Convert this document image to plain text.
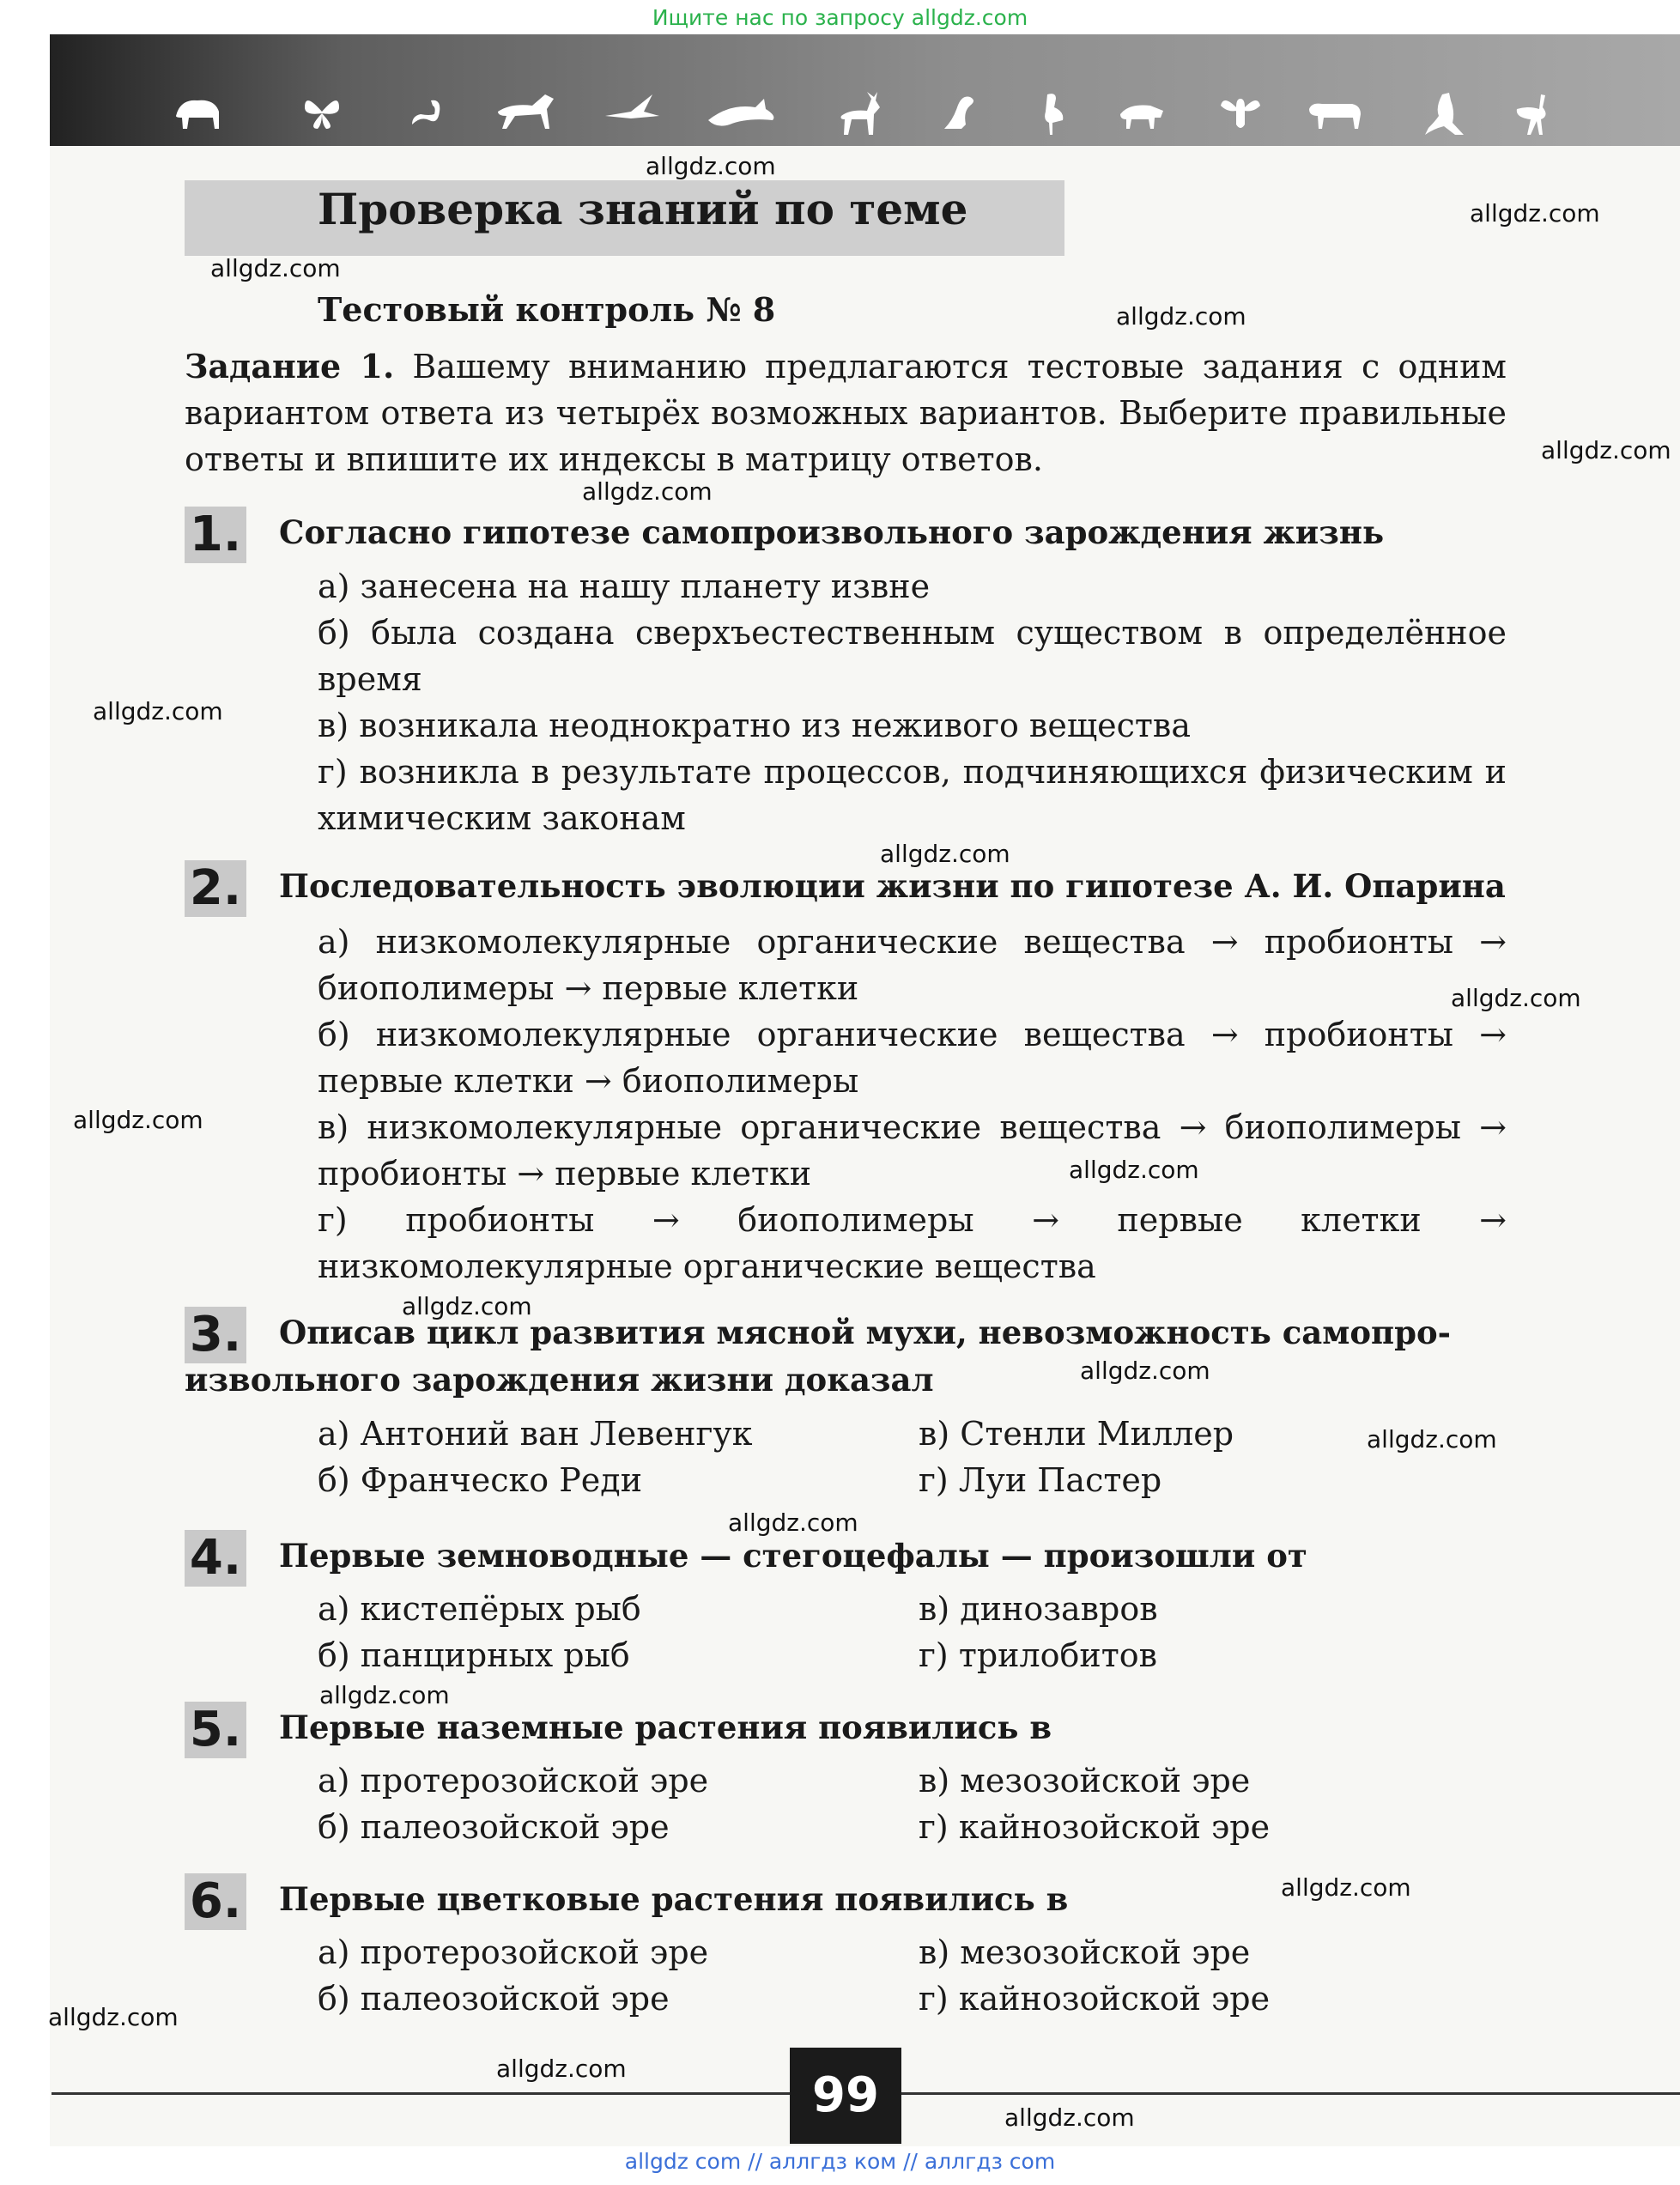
Ищите нас по запросу allgdz.com
Проверка знаний по теме
Тестовый контроль № 8
Задание 1. Вашему вниманию предлагаются тестовые задания с одним вариантом ответа из четырёх возможных вариантов. Выберите правильные ответы и впишите их индексы в матрицу ответов.
1. Согласно гипотезе самопроизвольного зарождения жизнь
а) занесена на нашу планету извне
б) была создана сверхъестественным существом в определённое время
в) возникала неоднократно из неживого вещества
г) возникла в результате процессов, подчиняющихся физическим и химическим законам
2. Последовательность эволюции жизни по гипотезе А. И. Опарина
а) низкомолекулярные органические вещества → пробионты → биополимеры → первые клетки
б) низкомолекулярные органические вещества → пробионты → первые клетки → биополимеры
в) низкомолекулярные органические вещества → биополимеры → пробионты → первые клетки
г) пробионты → биополимеры → первые клетки → низкомолекулярные органические вещества
3. Описав цикл развития мясной мухи, невозможность самопро-
извольного зарождения жизни доказал
а) Антоний ван Левенгук	в) Стенли Миллер
б) Франческо Реди	г) Луи Пастер
4. Первые земноводные — стегоцефалы — произошли от
а) кистепёрых рыб	в) динозавров
б) панцирных рыб	г) трилобитов
5. Первые наземные растения появились в
а) протерозойской эре	в) мезозойской эре
б) палеозойской эре	г) кайнозойской эре
6. Первые цветковые растения появились в
а) протерозойской эре	в) мезозойской эре
б) палеозойской эре	г) кайнозойской эре
allgdz.com
allgdz.com
allgdz.com
allgdz.com
allgdz.com
allgdz.com
allgdz.com
allgdz.com
allgdz.com
allgdz.com
allgdz.com
allgdz.com
allgdz.com
allgdz.com
allgdz.com
allgdz.com
allgdz.com
allgdz.com
allgdz.com
allgdz.com
99
allgdz com // аллгдз ком // аллгдз com
